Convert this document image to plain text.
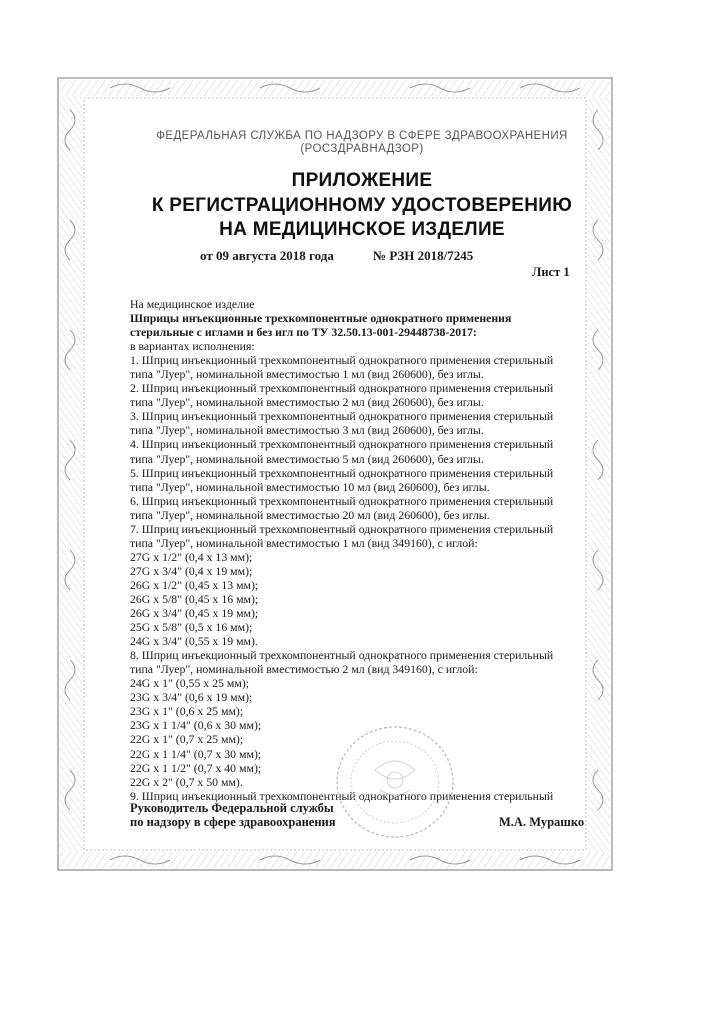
ФЕДЕРАЛЬНАЯ СЛУЖБА ПО НАДЗОРУ В СФЕРЕ ЗДРАВООХРАНЕНИЯ
(РОСЗДРАВНАДЗОР)
ПРИЛОЖЕНИЕ
К РЕГИСТРАЦИОННОМУ УДОСТОВЕРЕНИЮ
НА МЕДИЦИНСКОЕ ИЗДЕЛИЕ
от 09 августа 2018 года	№ РЗН 2018/7245
Лист 1
На медицинское изделие
Шприцы инъекционные трехкомпонентные однократного применения
стерильные с иглами и без игл по ТУ 32.50.13-001-29448738-2017:
в вариантах исполнения:
1. Шприц инъекционный трехкомпонентный однократного применения стерильный
типа "Луер", номинальной вместимостью 1 мл (вид 260600), без иглы.
2. Шприц инъекционный трехкомпонентный однократного применения стерильный
типа "Луер", номинальной вместимостью 2 мл (вид 260600), без иглы.
3. Шприц инъекционный трехкомпонентный однократного применения стерильный
типа "Луер", номинальной вместимостью 3 мл (вид 260600), без иглы.
4. Шприц инъекционный трехкомпонентный однократного применения стерильный
типа "Луер", номинальной вместимостью 5 мл (вид 260600), без иглы.
5. Шприц инъекционный трехкомпонентный однократного применения стерильный
типа "Луер", номинальной вместимостью 10 мл (вид 260600), без иглы.
6. Шприц инъекционный трехкомпонентный однократного применения стерильный
типа "Луер", номинальной вместимостью 20 мл (вид 260600), без иглы.
7. Шприц инъекционный трехкомпонентный однократного применения стерильный
типа "Луер", номинальной вместимостью 1 мл (вид 349160), с иглой:
27G x 1/2" (0,4 x 13 мм);
27G x 3/4" (0,4 x 19 мм);
26G x 1/2" (0,45 x 13 мм);
26G x 5/8" (0,45 x 16 мм);
26G x 3/4" (0,45 x 19 мм);
25G x 5/8" (0,5 x 16 мм);
24G x 3/4" (0,55 x 19 мм).
8. Шприц инъекционный трехкомпонентный однократного применения стерильный
типа "Луер", номинальной вместимостью 2 мл (вид 349160), с иглой:
24G x 1" (0,55 x 25 мм);
23G x 3/4" (0,6 x 19 мм);
23G x 1" (0,6 x 25 мм);
23G x 1 1/4" (0,6 x 30 мм);
22G x 1" (0,7 x 25 мм);
22G x 1 1/4" (0,7 x 30 мм);
22G x 1 1/2" (0,7 x 40 мм);
22G x 2" (0,7 x 50 мм).
9. Шприц инъекционный трехкомпонентный однократного применения стерильный
Руководитель Федеральной службы
по надзору в сфере здравоохранения	М.А. Мурашко
